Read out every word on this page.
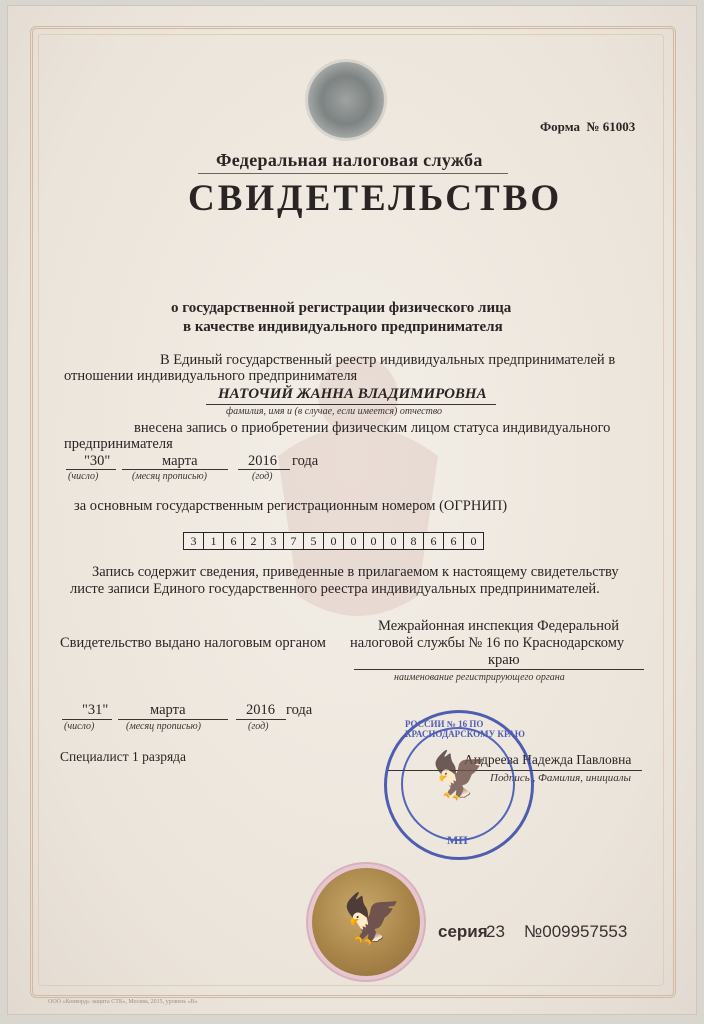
Форма № 61003
Федеральная налоговая служба
СВИДЕТЕЛЬСТВО
о государственной регистрации физического лица
в качестве индивидуального предпринимателя
В Единый государственный реестр индивидуальных предпринимателей в
отношении индивидуального предпринимателя
НАТОЧИЙ ЖАННА ВЛАДИМИРОВНА
фамилия, имя и (в случае, если имеется) отчество
внесена запись о приобретении физическим лицом статуса индивидуального
предпринимателя
"30"
(число)
марта
(месяц прописью)
2016
(год)
года
за основным государственным регистрационным номером (ОГРНИП)
3	1	6	2	3	7	5	0	0	0	0	8	6	6	0
Запись содержит сведения, приведенные в прилагаемом к настоящему свидетельству
листе записи Единого государственного реестра индивидуальных предпринимателей.
Межрайонная инспекция Федеральной
Свидетельство выдано налоговым органом налоговой службы № 16 по Краснодарскому
краю
наименование регистрирующего органа
"31"
(число)
марта
(месяц прописью)
2016
(год)
года
Специалист 1 разряда	Андреева Надежда Павловна
Подпись , Фамилия, инициалы
🦅
РОССИИ № 16 ПО КРАСНОДАРСКОМУ КРАЮ
МП
🦅 серия
23 №009957553
ООО «Конкорд» защита СТБ», Москва, 2015, уровень «В»
